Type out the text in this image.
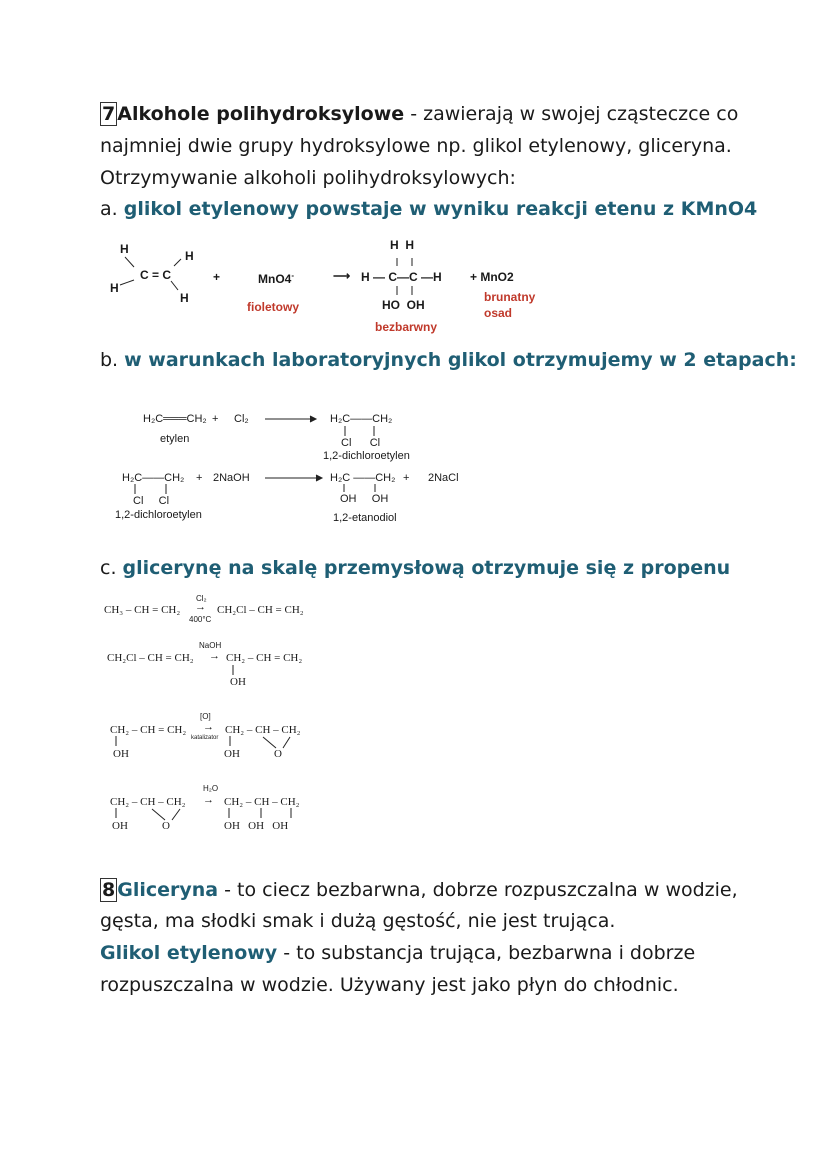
7 Alkohole polihydroksylowe - zawierają w swojej cząsteczce co
najmniej dwie grupy hydroksylowe np. glikol etylenowy, gliceryna.
Otrzymywanie alkoholi polihydroksylowych:
a. glikol etylenowy powstaje w wyniku reakcji etenu z KMnO4
H	H
C = C
H
H
+	MnO4-
fioletowy
⟶
H  H
H — C—C —H
HO  OH
bezbarwny
+ MnO2
brunatny
osad
b. w warunkach laboratoryjnych glikol otrzymujemy w 2 etapach:
H₂C═══CH₂ + Cl₂
etylen
H₂C——CH₂
Cl      Cl
1,2-dichloroetylen
H₂C——CH₂
Cl     Cl
1,2-dichloroetylen
+ 2NaOH	H₂C ——CH₂
OH     OH
1,2-etanodiol
+ 2NaCl
c. glicerynę na skalę przemysłową otrzymuje się z propenu
Cl₂
CH₃ – CH = CH₂ →
400°C
CH₂Cl – CH = CH₂
NaOH
CH₂Cl – CH = CH₂ → CH₂ – CH = CH₂
OH
[O]
CH₂ – CH = CH₂ →
katalizator
CH₂ – CH – CH₂
OH	OH	O
H₂O
CH₂ – CH – CH₂ → CH₂ – CH – CH₂
OH	O	OH   OH   OH
8 Gliceryna - to ciecz bezbarwna, dobrze rozpuszczalna w wodzie,
gęsta, ma słodki smak i dużą gęstość, nie jest trująca.
Glikol etylenowy - to substancja trująca, bezbarwna i dobrze
rozpuszczalna w wodzie. Używany jest jako płyn do chłodnic.
